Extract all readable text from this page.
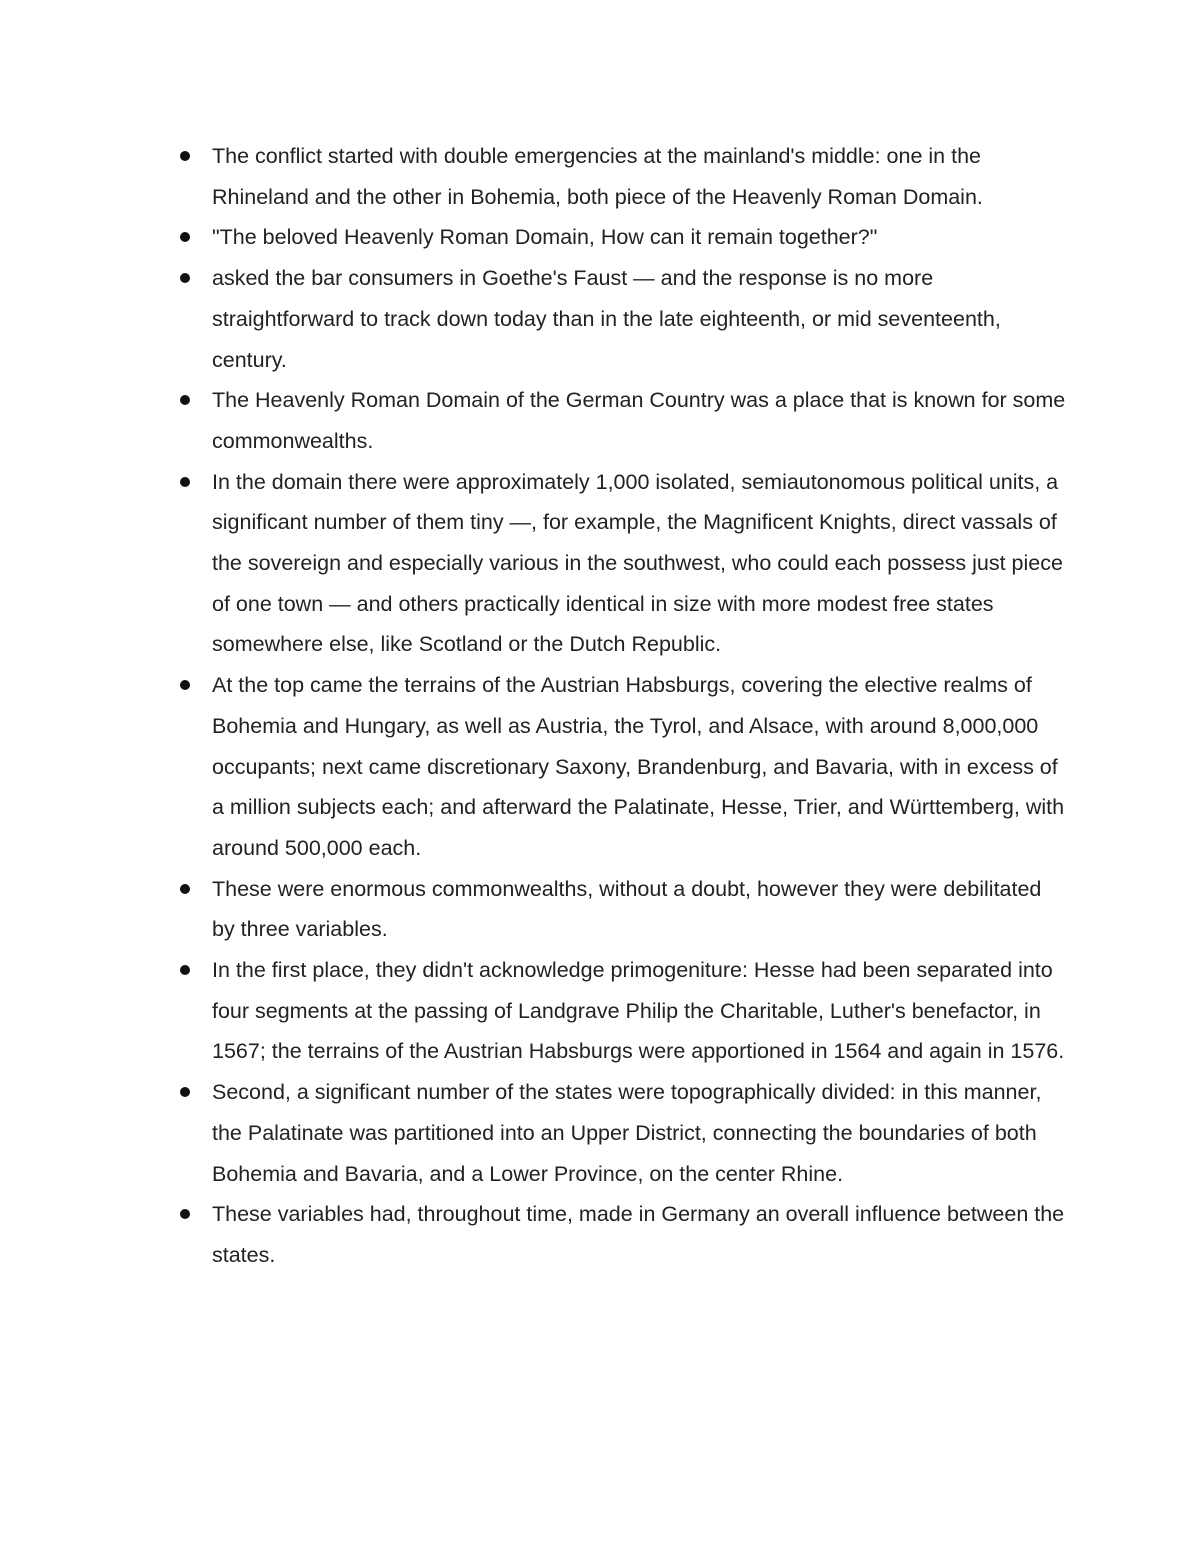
The conflict started with double emergencies at the mainland's middle: one in the Rhineland and the other in Bohemia, both piece of the Heavenly Roman Domain.
"The beloved Heavenly Roman Domain, How can it remain together?"
asked the bar consumers in Goethe's Faust — and the response is no more straightforward to track down today than in the late eighteenth, or mid seventeenth, century.
The Heavenly Roman Domain of the German Country was a place that is known for some commonwealths.
In the domain there were approximately 1,000 isolated, semiautonomous political units, a significant number of them tiny —, for example, the Magnificent Knights, direct vassals of the sovereign and especially various in the southwest, who could each possess just piece of one town — and others practically identical in size with more modest free states somewhere else, like Scotland or the Dutch Republic.
At the top came the terrains of the Austrian Habsburgs, covering the elective realms of Bohemia and Hungary, as well as Austria, the Tyrol, and Alsace, with around 8,000,000 occupants; next came discretionary Saxony, Brandenburg, and Bavaria, with in excess of a million subjects each; and afterward the Palatinate, Hesse, Trier, and Württemberg, with around 500,000 each.
These were enormous commonwealths, without a doubt, however they were debilitated by three variables.
In the first place, they didn't acknowledge primogeniture: Hesse had been separated into four segments at the passing of Landgrave Philip the Charitable, Luther's benefactor, in 1567; the terrains of the Austrian Habsburgs were apportioned in 1564 and again in 1576.
Second, a significant number of the states were topographically divided: in this manner, the Palatinate was partitioned into an Upper District, connecting the boundaries of both Bohemia and Bavaria, and a Lower Province, on the center Rhine.
These variables had, throughout time, made in Germany an overall influence between the states.
